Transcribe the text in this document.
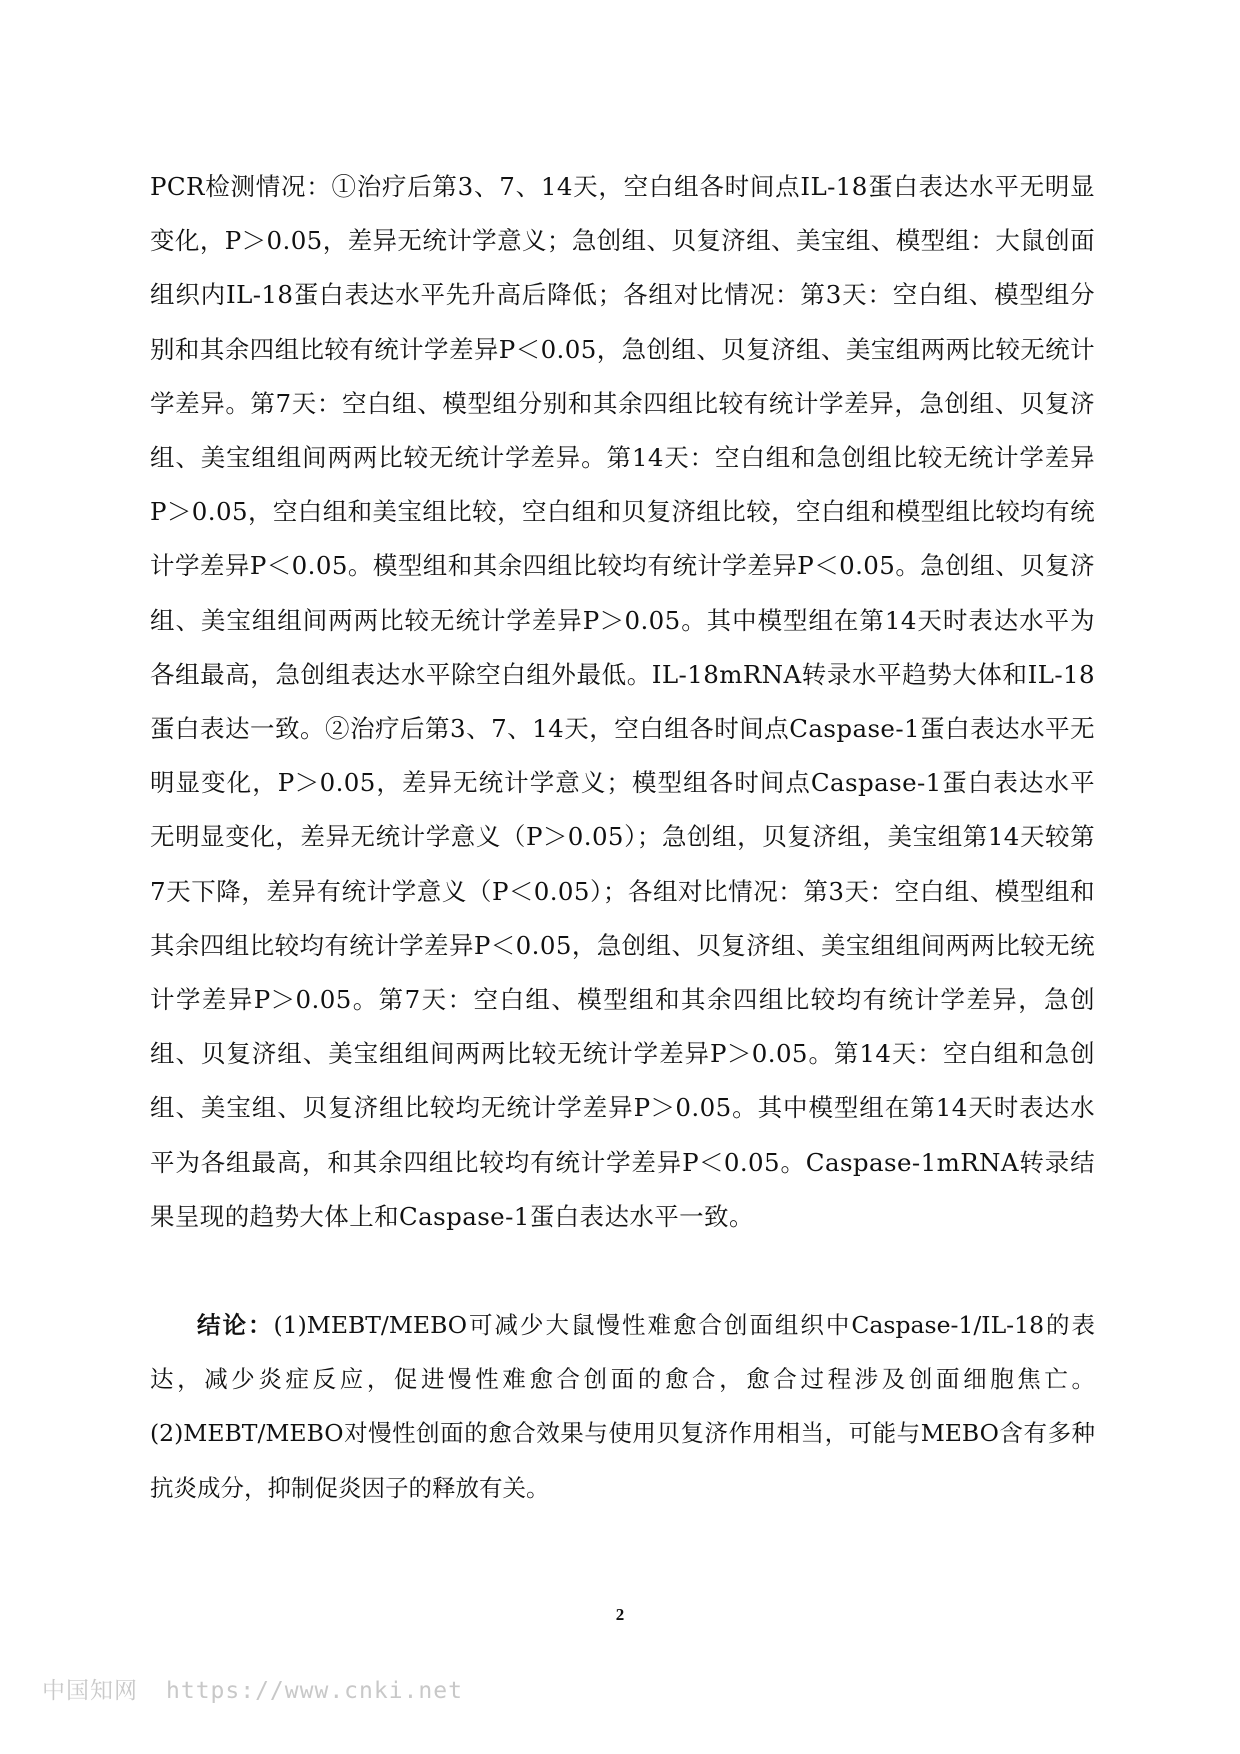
PCR检测情况：①治疗后第3、7、14天，空白组各时间点IL-18蛋白表达水平无明显变化，P＞0.05，差异无统计学意义；急创组、贝复济组、美宝组、模型组：大鼠创面组织内IL-18蛋白表达水平先升高后降低；各组对比情况：第3天：空白组、模型组分别和其余四组比较有统计学差异P＜0.05，急创组、贝复济组、美宝组两两比较无统计学差异。第7天：空白组、模型组分别和其余四组比较有统计学差异，急创组、贝复济组、美宝组组间两两比较无统计学差异。第14天：空白组和急创组比较无统计学差异P＞0.05，空白组和美宝组比较，空白组和贝复济组比较，空白组和模型组比较均有统计学差异P＜0.05。模型组和其余四组比较均有统计学差异P＜0.05。急创组、贝复济组、美宝组组间两两比较无统计学差异P＞0.05。其中模型组在第14天时表达水平为各组最高，急创组表达水平除空白组外最低。IL-18mRNA转录水平趋势大体和IL-18蛋白表达一致。②治疗后第3、7、14天，空白组各时间点Caspase-1蛋白表达水平无明显变化，P＞0.05，差异无统计学意义；模型组各时间点Caspase-1蛋白表达水平无明显变化，差异无统计学意义（P＞0.05）；急创组，贝复济组，美宝组第14天较第7天下降，差异有统计学意义（P＜0.05）；各组对比情况：第3天：空白组、模型组和其余四组比较均有统计学差异P＜0.05，急创组、贝复济组、美宝组组间两两比较无统计学差异P＞0.05。第7天：空白组、模型组和其余四组比较均有统计学差异，急创组、贝复济组、美宝组组间两两比较无统计学差异P＞0.05。第14天：空白组和急创组、美宝组、贝复济组比较均无统计学差异P＞0.05。其中模型组在第14天时表达水平为各组最高，和其余四组比较均有统计学差异P＜0.05。Caspase-1mRNA转录结果呈现的趋势大体上和Caspase-1蛋白表达水平一致。

结论：(1)MEBT/MEBO可减少大鼠慢性难愈合创面组织中Caspase-1/IL-18的表达，减少炎症反应，促进慢性难愈合创面的愈合，愈合过程涉及创面细胞焦亡。(2)MEBT/MEBO对慢性创面的愈合效果与使用贝复济作用相当，可能与MEBO含有多种抗炎成分，抑制促炎因子的释放有关。

2
中国知网 https://www.cnki.net
